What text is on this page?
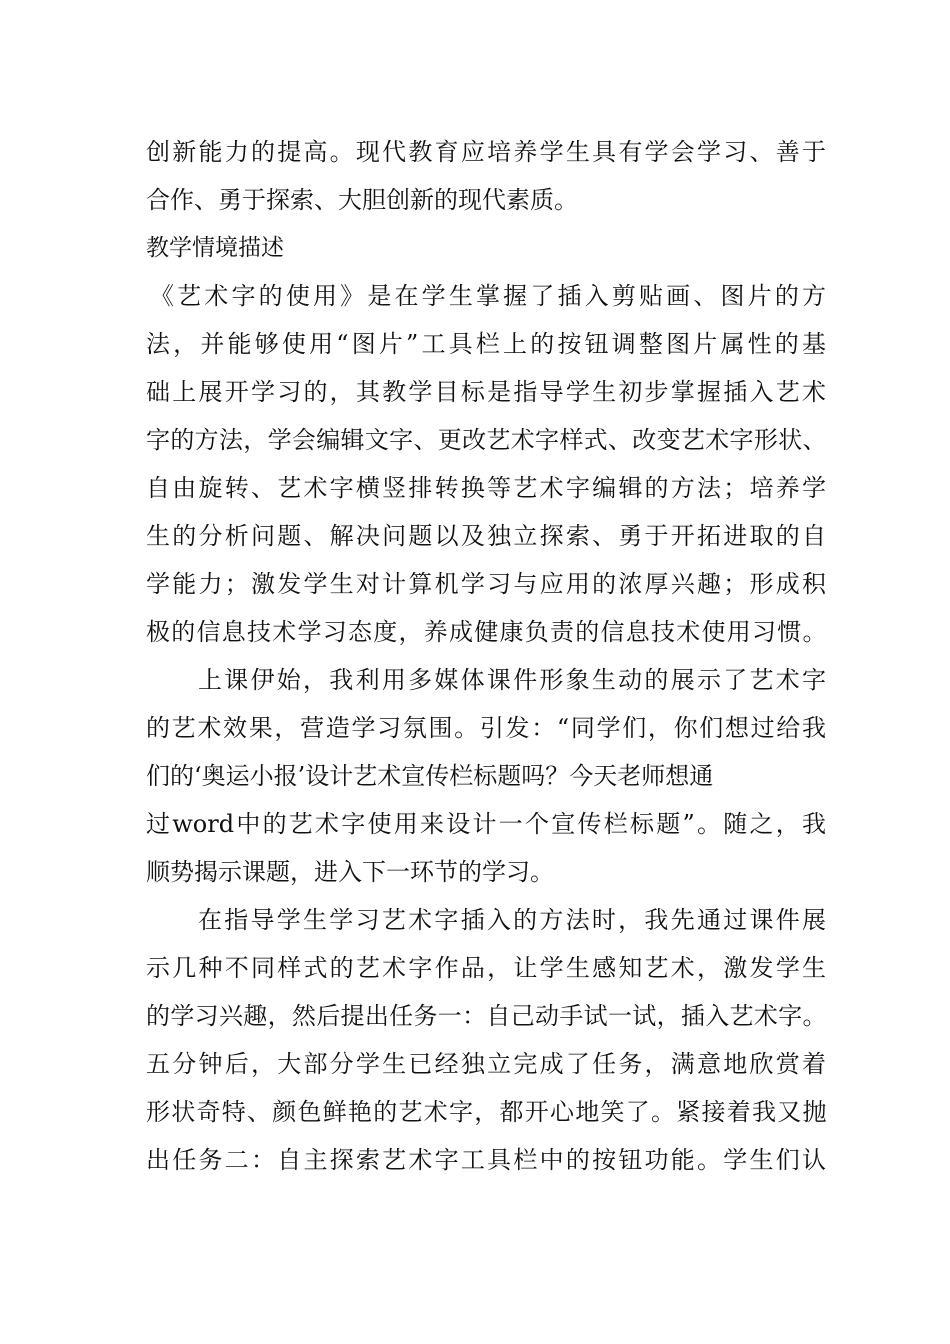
创新能力的提高。现代教育应培养学生具有学会学习、善于
合作、勇于探索、大胆创新的现代素质。
教学情境描述
《艺术字的使用》是在学生掌握了插入剪贴画、图片的方
法，并能够使用“图片”工具栏上的按钮调整图片属性的基
础上展开学习的，其教学目标是指导学生初步掌握插入艺术
字的方法，学会编辑文字、更改艺术字样式、改变艺术字形状、
自由旋转、艺术字横竖排转换等艺术字编辑的方法；培养学
生的分析问题、解决问题以及独立探索、勇于开拓进取的自
学能力；激发学生对计算机学习与应用的浓厚兴趣；形成积
极的信息技术学习态度，养成健康负责的信息技术使用习惯。
上课伊始，我利用多媒体课件形象生动的展示了艺术字
的艺术效果，营造学习氛围。引发：“同学们，你们想过给我
们的‘奥运小报’设计艺术宣传栏标题吗？今天老师想通
过word中的艺术字使用来设计一个宣传栏标题”。随之，我
顺势揭示课题，进入下一环节的学习。
在指导学生学习艺术字插入的方法时，我先通过课件展
示几种不同样式的艺术字作品，让学生感知艺术，激发学生
的学习兴趣，然后提出任务一：自己动手试一试，插入艺术字。
五分钟后，大部分学生已经独立完成了任务，满意地欣赏着
形状奇特、颜色鲜艳的艺术字，都开心地笑了。紧接着我又抛
出任务二：自主探索艺术字工具栏中的按钮功能。学生们认
